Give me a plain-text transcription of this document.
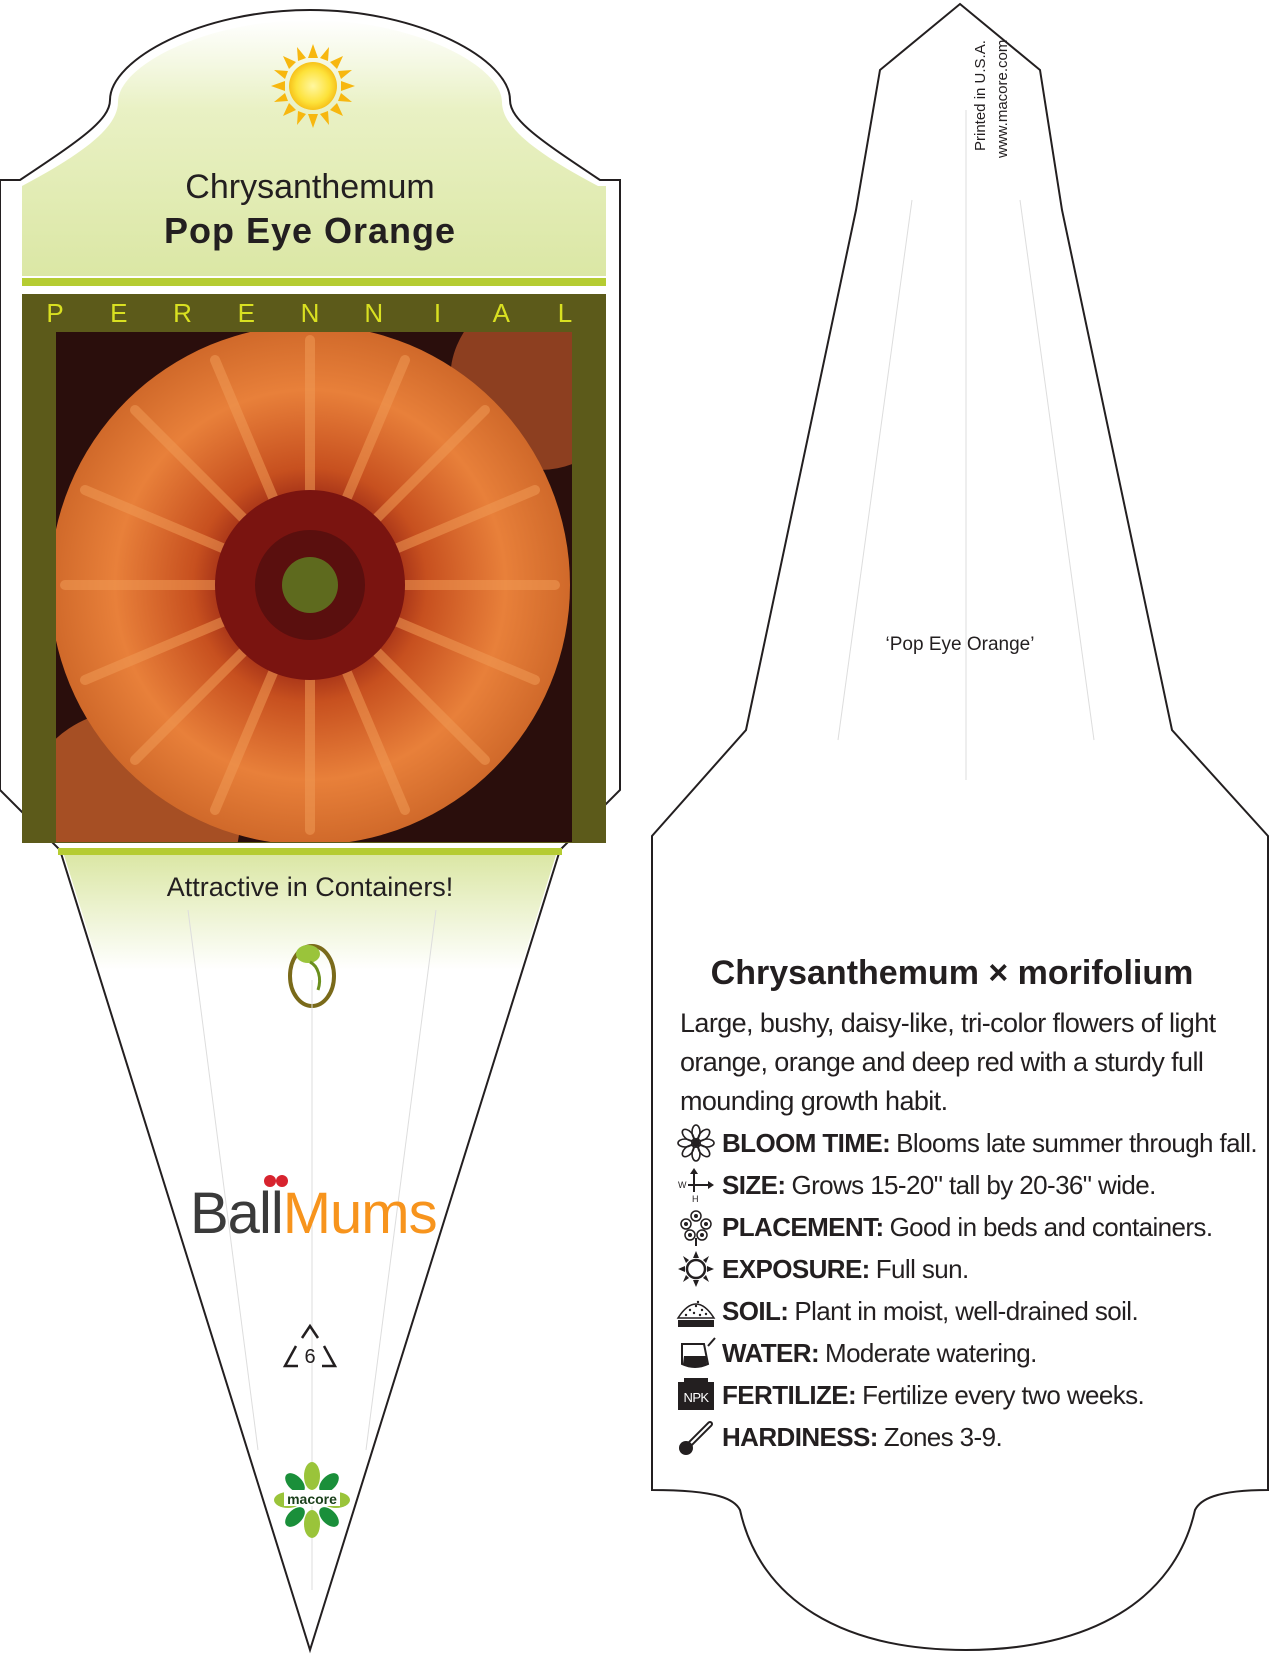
Chrysanthemum
Pop Eye Orange
P E R E N N	I	A L
Attractive in Containers!
BallMums
6
macore
Printed in U.S.A. www.macore.com
‘Pop Eye Orange’
Chrysanthemum × morifolium
Large, bushy, daisy-like, tri-color flowers of light orange, orange and deep red with a sturdy full mounding growth habit.
BLOOM TIME: Blooms late summer through fall.
W
H SIZE: Grows 15-20" tall by 20-36" wide.
PLACEMENT: Good in beds and containers.
EXPOSURE: Full sun.
SOIL: Plant in moist, well-drained soil.
WATER: Moderate watering.
NPK FERTILIZE: Fertilize every two weeks.
HARDINESS: Zones 3-9.
